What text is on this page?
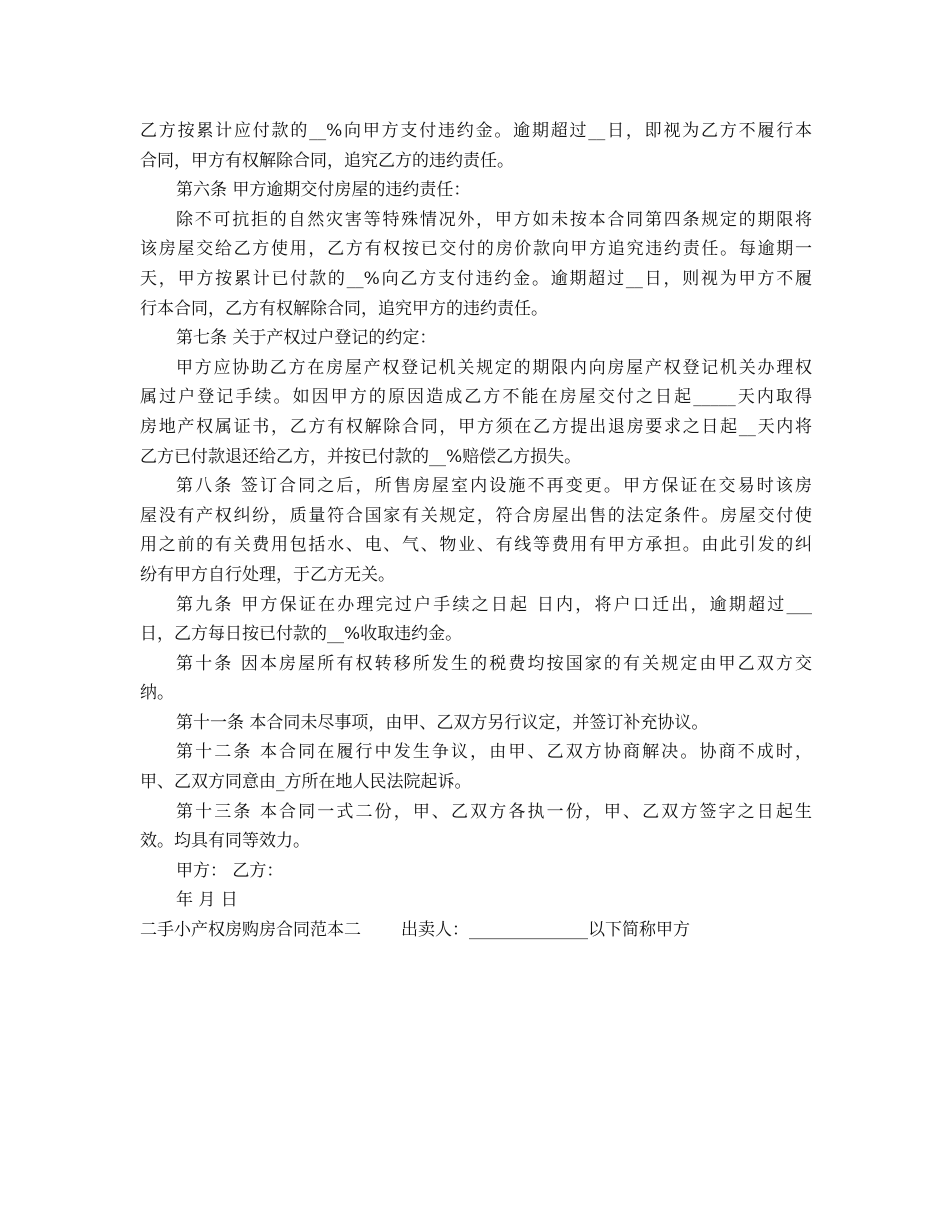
乙方按累计应付款的__%向甲方支付违约金。逾期超过__日，即视为乙方不履行本
合同，甲方有权解除合同，追究乙方的违约责任。
第六条 甲方逾期交付房屋的违约责任：
除不可抗拒的自然灾害等特殊情况外，甲方如未按本合同第四条规定的期限将
该房屋交给乙方使用，乙方有权按已交付的房价款向甲方追究违约责任。每逾期一
天，甲方按累计已付款的__%向乙方支付违约金。逾期超过__日，则视为甲方不履
行本合同，乙方有权解除合同，追究甲方的违约责任。
第七条 关于产权过户登记的约定：
甲方应协助乙方在房屋产权登记机关规定的期限内向房屋产权登记机关办理权
属过户登记手续。如因甲方的原因造成乙方不能在房屋交付之日起_____天内取得
房地产权属证书，乙方有权解除合同，甲方须在乙方提出退房要求之日起__天内将
乙方已付款退还给乙方，并按已付款的__%赔偿乙方损失。
第八条 签订合同之后，所售房屋室内设施不再变更。甲方保证在交易时该房
屋没有产权纠纷，质量符合国家有关规定，符合房屋出售的法定条件。房屋交付使
用之前的有关费用包括水、电、气、物业、有线等费用有甲方承担。由此引发的纠
纷有甲方自行处理，于乙方无关。
第九条 甲方保证在办理完过户手续之日起 日内，将户口迁出，逾期超过___
日，乙方每日按已付款的__%收取违约金。
第十条 因本房屋所有权转移所发生的税费均按国家的有关规定由甲乙双方交
纳。
第十一条 本合同未尽事项，由甲、乙双方另行议定，并签订补充协议。
第十二条 本合同在履行中发生争议，由甲、乙双方协商解决。协商不成时，
甲、乙双方同意由_方所在地人民法院起诉。
第十三条 本合同一式二份，甲、乙双方各执一份，甲、乙双方签字之日起生
效。均具有同等效力。
甲方： 乙方：
年 月 日
二手小产权房购房合同范本二 出卖人：______________以下简称甲方
